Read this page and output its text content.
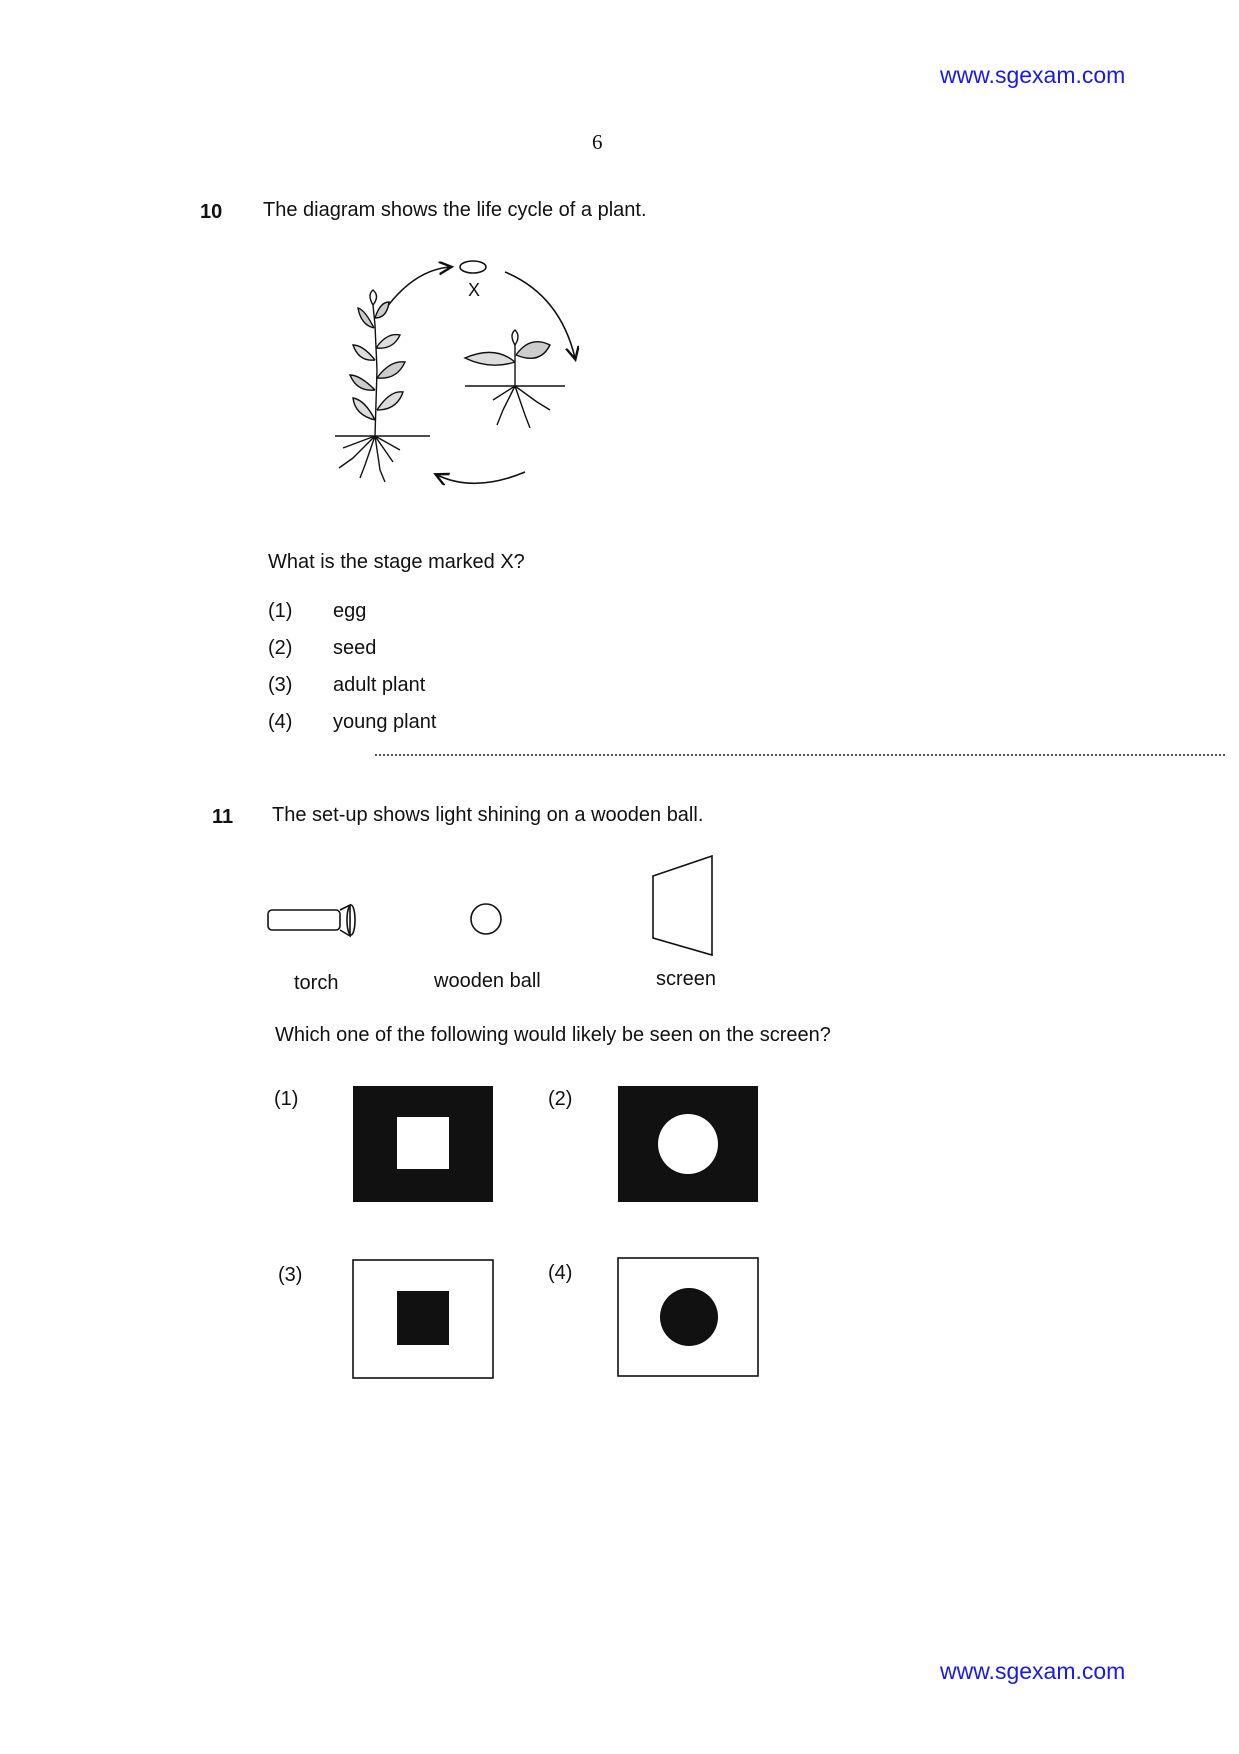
www.sgexam.com
6
10 The diagram shows the life cycle of a plant.
X
What is the stage marked X?
(1) egg
(2) seed
(3) adult plant
(4) young plant
11 The set-up shows light shining on a wooden ball.
torch	wooden ball	screen
Which one of the following would likely be seen on the screen?
(1)	(2)
(3)	(4)
www.sgexam.com
